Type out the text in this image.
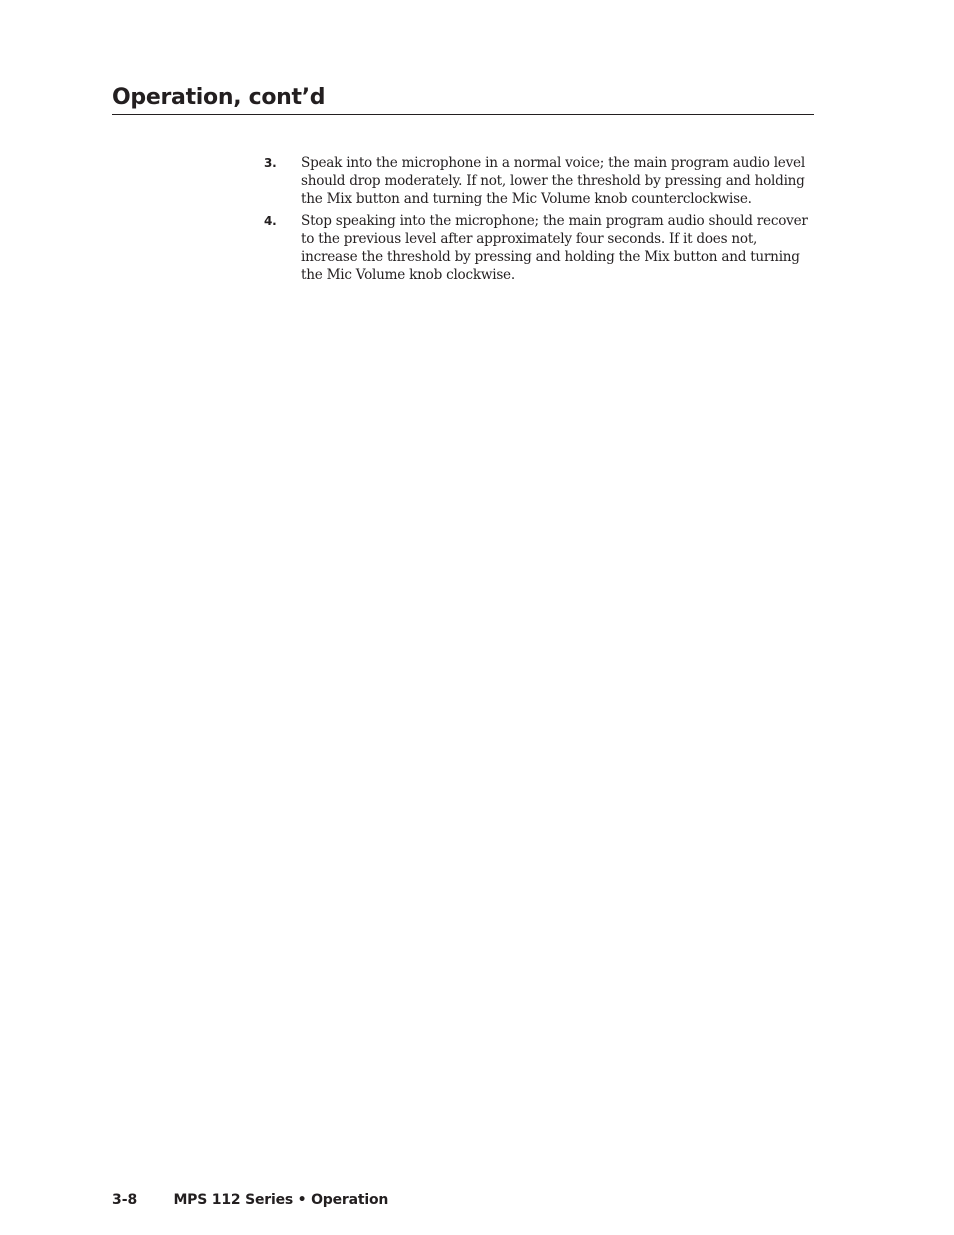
Operation, cont’d
3.	Speak into the microphone in a normal voice; the main program audio level should drop moderately. If not, lower the threshold by pressing and holding the Mix button and turning the Mic Volume knob counterclockwise.
4.	Stop speaking into the microphone; the main program audio should recover to the previous level after approximately four seconds. If it does not, increase the threshold by pressing and holding the Mix button and turning the Mic Volume knob clockwise.
3-8	MPS 112 Series • Operation
